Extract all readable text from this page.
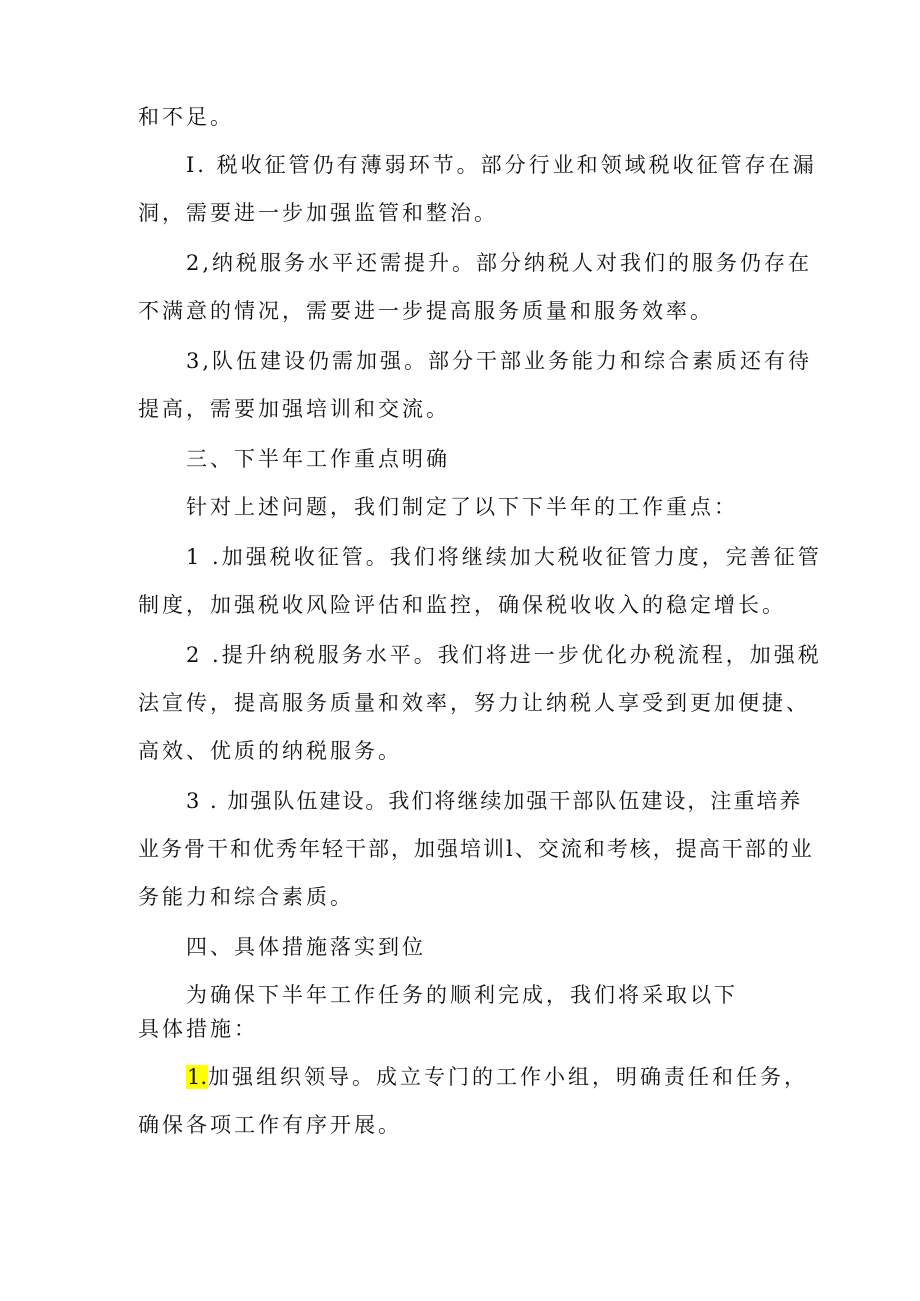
和不足。
I. 税收征管仍有薄弱环节。部分行业和领域税收征管存在漏
洞，需要进一步加强监管和整治。
2,纳税服务水平还需提升。部分纳税人对我们的服务仍存在
不满意的情况，需要进一步提高服务质量和服务效率。
3,队伍建设仍需加强。部分干部业务能力和综合素质还有待
提高，需要加强培训和交流。
三、下半年工作重点明确
针对上述问题，我们制定了以下下半年的工作重点：
1 .加强税收征管。我们将继续加大税收征管力度，完善征管
制度，加强税收风险评估和监控，确保税收收入的稳定增长。
2 .提升纳税服务水平。我们将进一步优化办税流程，加强税
法宣传，提高服务质量和效率，努力让纳税人享受到更加便捷、
高效、优质的纳税服务。
3 . 加强队伍建设。我们将继续加强干部队伍建设，注重培养
业务骨干和优秀年轻干部，加强培训l、交流和考核，提高干部的业
务能力和综合素质。
四、具体措施落实到位
为确保下半年工作任务的顺利完成，我们将采取以下
具体措施：
1.加强组织领导。成立专门的工作小组，明确责任和任务，
确保各项工作有序开展。
